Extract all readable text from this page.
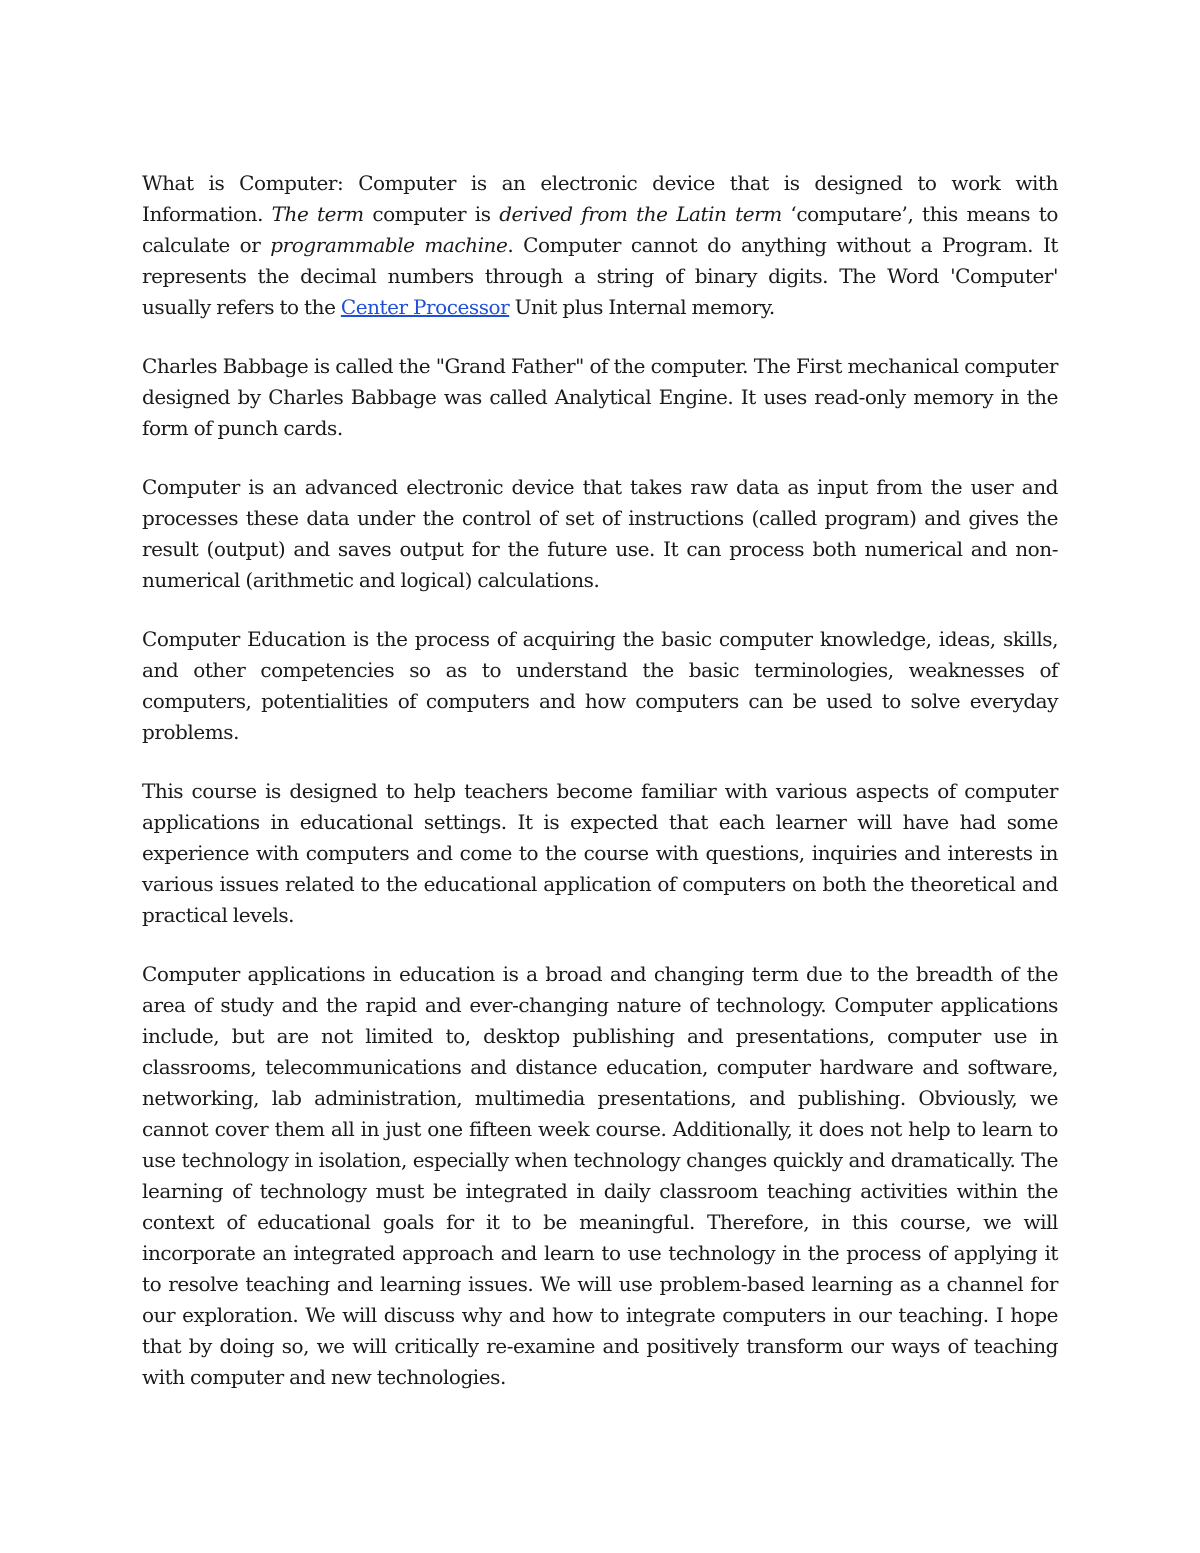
What is Computer: Computer is an electronic device that is designed to work with Information. The term computer is derived from the Latin term ‘computare’, this means to calculate or programmable machine. Computer cannot do anything without a Program. It represents the decimal numbers through a string of binary digits. The Word 'Computer' usually refers to the Center Processor Unit plus Internal memory.

Charles Babbage is called the "Grand Father" of the computer. The First mechanical computer designed by Charles Babbage was called Analytical Engine. It uses read-only memory in the form of punch cards.

Computer is an advanced electronic device that takes raw data as input from the user and processes these data under the control of set of instructions (called program) and gives the result (output) and saves output for the future use. It can process both numerical and non-numerical (arithmetic and logical) calculations.

Computer Education is the process of acquiring the basic computer knowledge, ideas, skills, and other competencies so as to understand the basic terminologies, weaknesses of computers, potentialities of computers and how computers can be used to solve everyday problems.

This course is designed to help teachers become familiar with various aspects of computer applications in educational settings. It is expected that each learner will have had some experience with computers and come to the course with questions, inquiries and interests in various issues related to the educational application of computers on both the theoretical and practical levels.

Computer applications in education is a broad and changing term due to the breadth of the area of study and the rapid and ever-changing nature of technology. Computer applications include, but are not limited to, desktop publishing and presentations, computer use in classrooms, telecommunications and distance education, computer hardware and software, networking, lab administration, multimedia presentations, and publishing. Obviously, we cannot cover them all in just one fifteen week course. Additionally, it does not help to learn to use technology in isolation, especially when technology changes quickly and dramatically. The learning of technology must be integrated in daily classroom teaching activities within the context of educational goals for it to be meaningful. Therefore, in this course, we will incorporate an integrated approach and learn to use technology in the process of applying it to resolve teaching and learning issues. We will use problem-based learning as a channel for our exploration. We will discuss why and how to integrate computers in our teaching. I hope that by doing so, we will critically re-examine and positively transform our ways of teaching with computer and new technologies.
